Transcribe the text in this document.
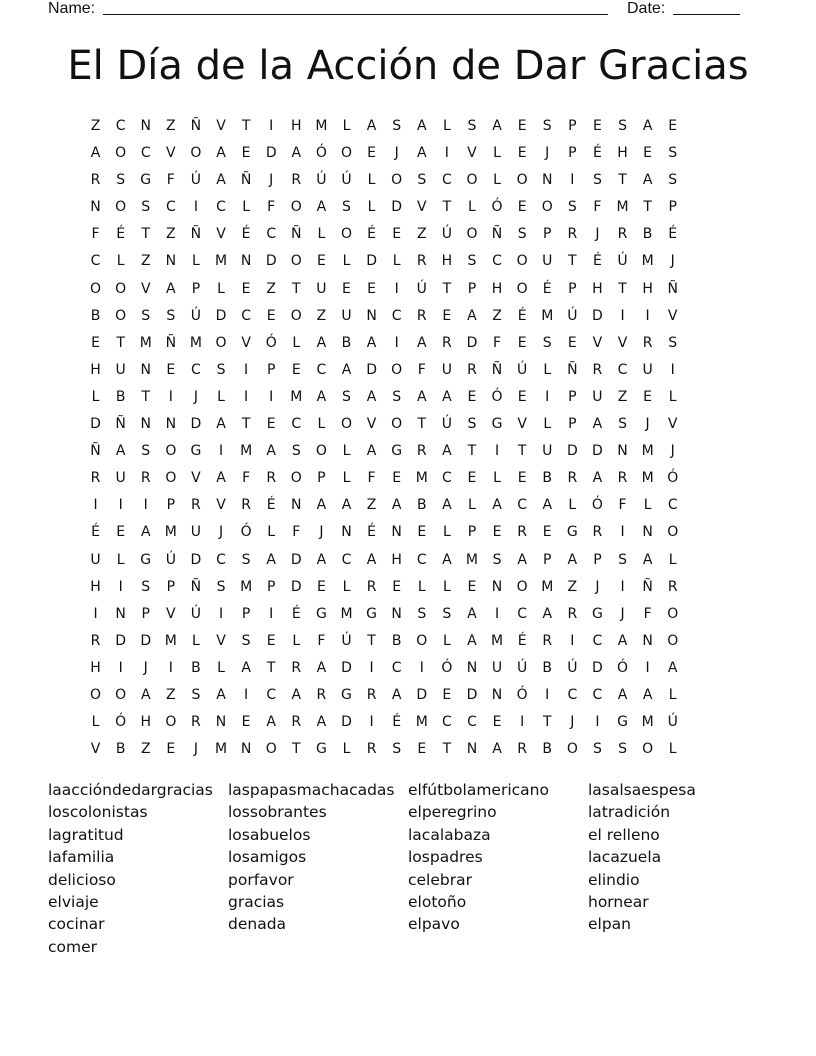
Name:	Date:
El Día de la Acción de Dar Gracias
Z	C	N	Z	Ñ	V	T	I	H M	L	A	S	A	L	S	A	E	S	P	E	S	A	E
A	O	C	V	O	A	E	D	A	Ó	O	E	J	A	I	V	L	E	J	P	É	H	E	S
R	S	G	F	Ú	A	Ñ	J	R	Ú	Ú	L	O	S	C	O	L	O	N	I	S	T	A	S
N	O	S	C	I	C	L	F	O	A	S	L	D	V	T	L	Ó	E	O	S	F	M	T	P
F	É	T	Z	Ñ	V	É	C	Ñ	L	O	É	E	Z	Ú	O	Ñ	S	P	R	J	R	B	É
C	L	Z	N	L	M N	D	O	E	L	D	L	R	H	S	C	O	U	T	É	Ú M	J
O	O	V	A	P	L	E	Z	T	U	E	E	I	Ú	T	P	H	O	É	P	H	T	H	Ñ
B	O	S	S	Ú	D	C	E	O	Z	U	N	C	R	E	A	Z	É	M Ú	D	I	I	V
E	T	M Ñ M O	V	Ó	L	A	B	A	I	A	R	D	F	E	S	E	V	V	R	S
H	U	N	E	C	S	I	P	E	C	A	D	O	F	U	R	Ñ	Ú	L	Ñ	R	C	U	I
L	B	T	I	J	L	I	I	M	A	S	A	S	A	A	E	Ó	E	I	P	U	Z	E	L
D	Ñ	N	N	D	A	T	E	C	L	O	V	O	T	Ú	S	G	V	L	P	A	S	J	V
Ñ	A	S	O	G	I	M	A	S	O	L	A	G	R	A	T	I	T	U	D	D	N M	J
R	U	R	O	V	A	F	R	O	P	L	F	E	M	C	E	L	E	B	R	A	R	M Ó
I	I	I	P	R	V	R	É	N	A	A	Z	A	B	A	L	A	C	A	L	Ó	F	L	C
É	E	A	M U	J	Ó	L	F	J	N	É	N	E	L	P	E	R	E	G	R	I	N	O
U	L	G	Ú	D	C	S	A	D	A	C	A	H	C	A	M	S	A	P	A	P	S	A	L
H	I	S	P	Ñ	S	M	P	D	E	L	R	E	L	L	E	N	O M	Z	J	I	Ñ	R
I	N	P	V	Ú	I	P	I	É	G M G	N	S	S	A	I	C	A	R	G	J	F	O
R	D	D M	L	V	S	E	L	F	Ú	T	B	O	L	A	M	É	R	I	C	A	N	O
H	I	J	I	B	L	A	T	R	A	D	I	C	I	Ó	N	U	Ú	B	Ú	D	Ó	I	A
O	O	A	Z	S	A	I	C	A	R	G	R	A	D	E	D	N	Ó	I	C	C	A	A	L
L	Ó	H	O	R	N	E	A	R	A	D	I	É	M	C	C	E	I	T	J	I	G M Ú
V	B	Z	E	J	M N	O	T	G	L	R	S	E	T	N	A	R	B	O	S	S	O	L
laaccióndedargracias
loscolonistas
lagratitud
lafamilia
delicioso
elviaje
cocinar
comer
laspapasmachacadas
lossobrantes
losabuelos
losamigos
porfavor
gracias
denada
elfútbolamericano
elperegrino
lacalabaza
lospadres
celebrar
elotoño
elpavo
lasalsaespesa
latradición
el relleno
lacazuela
elindio
hornear
elpan
